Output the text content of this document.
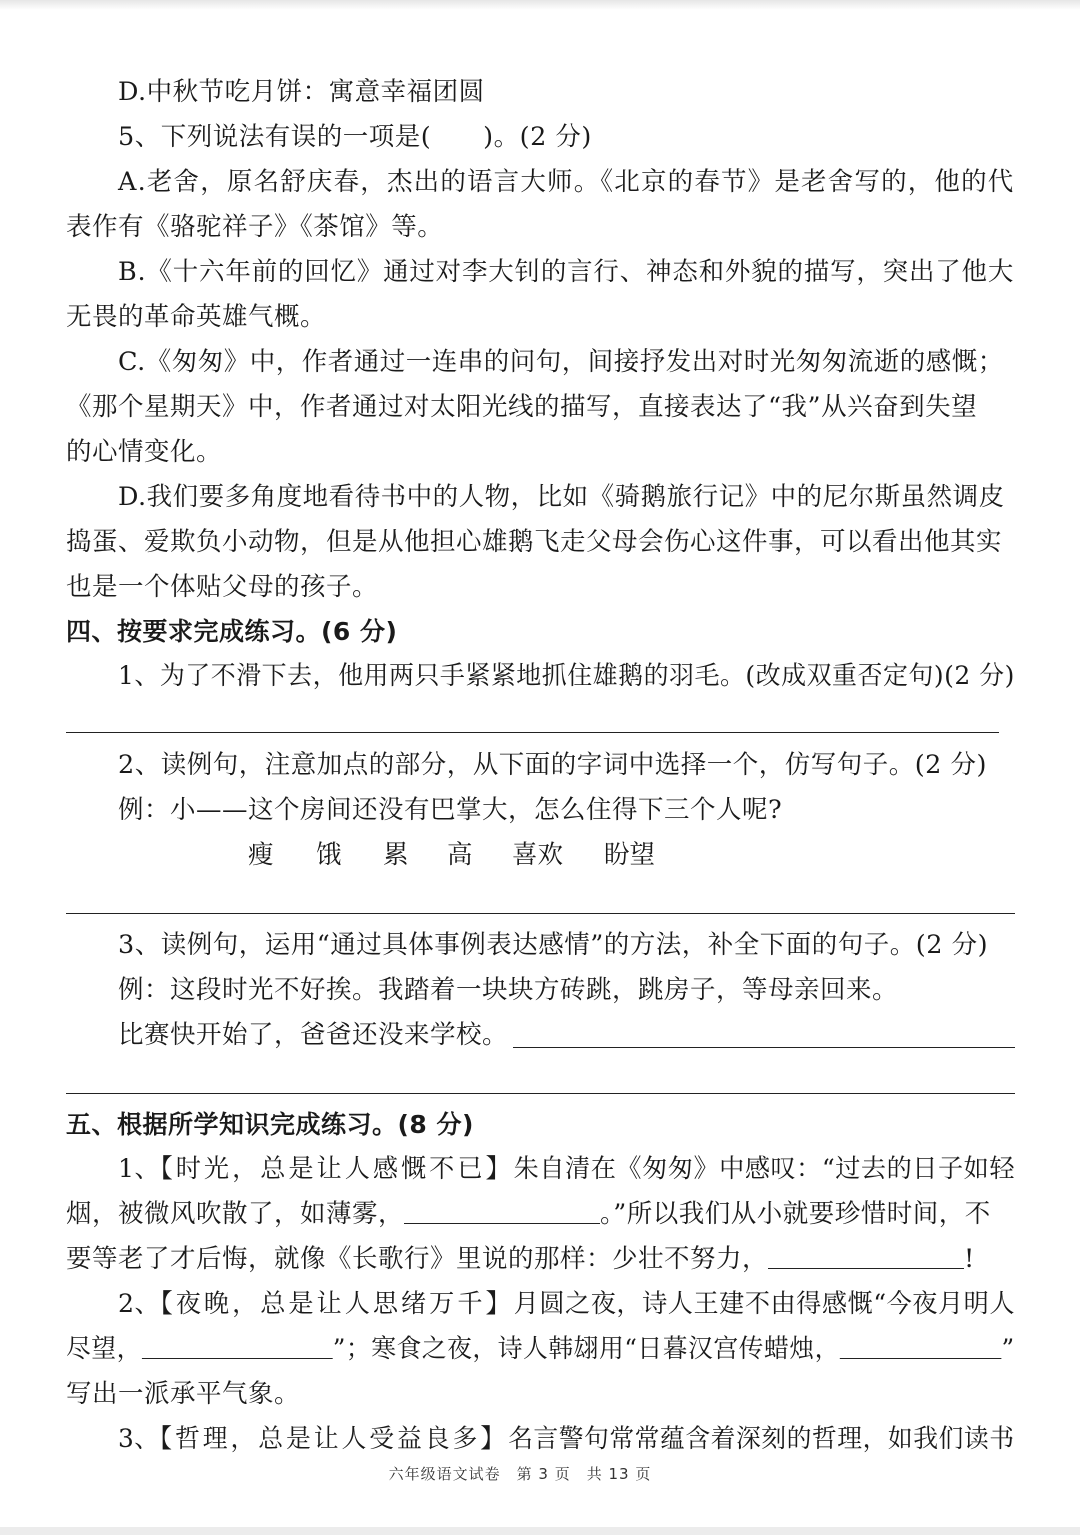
D.中秋节吃月饼：寓意幸福团圆
5、下列说法有误的一项是(　　)。(2 分)
A.老舍，原名舒庆春，杰出的语言大师。《北京的春节》是老舍写的，他的代
表作有《骆驼祥子》《茶馆》等。
B.《十六年前的回忆》通过对李大钊的言行、神态和外貌的描写，突出了他大
无畏的革命英雄气概。
C.《匆匆》中，作者通过一连串的问句，间接抒发出对时光匆匆流逝的感慨；
《那个星期天》中，作者通过对太阳光线的描写，直接表达了“我”从兴奋到失望
的心情变化。
D.我们要多角度地看待书中的人物，比如《骑鹅旅行记》中的尼尔斯虽然调皮
捣蛋、爱欺负小动物，但是从他担心雄鹅飞走父母会伤心这件事，可以看出他其实
也是一个体贴父母的孩子。
四、按要求完成练习。(6 分)
1、为了不滑下去，他用两只手紧紧地抓住雄鹅的羽毛。(改成双重否定句)(2 分)
2、读例句，注意加点的部分，从下面的字词中选择一个，仿写句子。(2 分)
例：小——这个房间还没有巴掌大，怎么住得下三个人呢?
瘦 饿 累 高 喜欢 盼望
3、读例句，运用“通过具体事例表达感情”的方法，补全下面的句子。(2 分)
例：这段时光不好挨。我踏着一块块方砖跳，跳房子，等母亲回来。
比赛快开始了，爸爸还没来学校。
五、根据所学知识完成练习。(8 分)
1、【时光，总是让人感慨不已】朱自清在《匆匆》中感叹：“过去的日子如轻
烟，被微风吹散了，如薄雾，	。”所以我们从小就要珍惜时间，不
要等老了才后悔，就像《长歌行》里说的那样：少壮不努力，	!
2、【夜晚，总是让人思绪万千】月圆之夜，诗人王建不由得感慨“今夜月明人
尽望，	”；寒食之夜，诗人韩翃用“日暮汉宫传蜡烛，	”
写出一派承平气象。
3、【哲理，总是让人受益良多】名言警句常常蕴含着深刻的哲理，如我们读书
六年级语文试卷　第 3 页　共 13 页
